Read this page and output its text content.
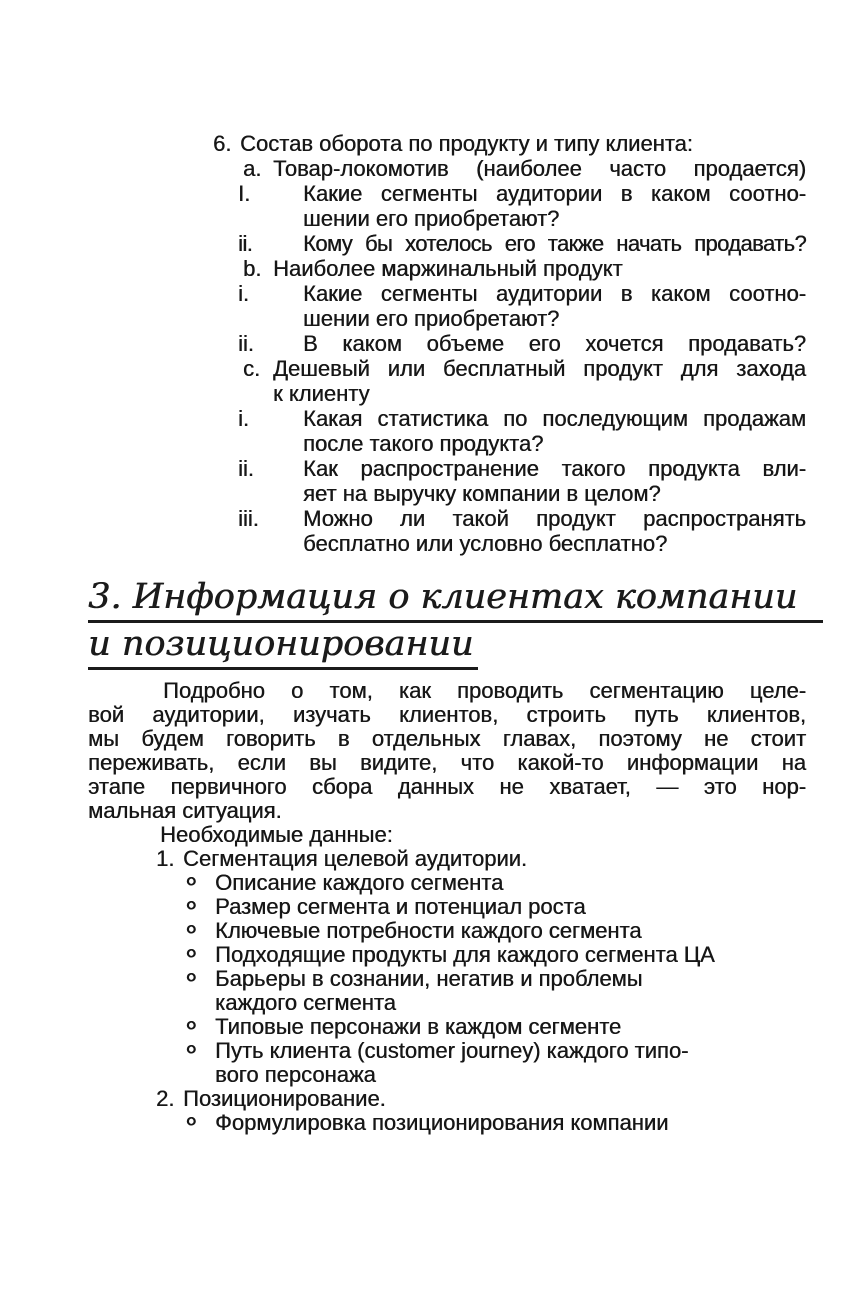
6. Состав оборота по продукту и типу клиента:
a. Товар-локомотив (наиболее часто продается)
I.	Какие сегменты аудитории в каком соотно-
шении его приобретают?
ii.	Кому бы хотелось его также начать продавать?
b. Наиболее маржинальный продукт
i.	Какие сегменты аудитории в каком соотно-
шении его приобретают?
ii.	В каком объеме его хочется продавать?
c. Дешевый или бесплатный продукт для захода
к клиенту
i.	Какая статистика по последующим продажам
после такого продукта?
ii.	Как распространение такого продукта вли-
яет на выручку компании в целом?
iii.	Можно ли такой продукт распространять
бесплатно или условно бесплатно?
3. Информация о клиентах компании
и позиционировании
Подробно о том, как проводить сегментацию целе-
вой аудитории, изучать клиентов, строить путь клиентов,
мы будем говорить в отдельных главах, поэтому не стоит
переживать, если вы видите, что какой-то информации на
этапе первичного сбора данных не хватает, — это нор-
мальная ситуация.
Необходимые данные:
1. Сегментация целевой аудитории.
° Описание каждого сегмента
° Размер сегмента и потенциал роста
° Ключевые потребности каждого сегмента
° Подходящие продукты для каждого сегмента ЦА
° Барьеры в сознании, негатив и проблемы
каждого сегмента
° Типовые персонажи в каждом сегменте
° Путь клиента (customer journey) каждого типо-
вого персонажа
2. Позиционирование.
° Формулировка позиционирования компании
